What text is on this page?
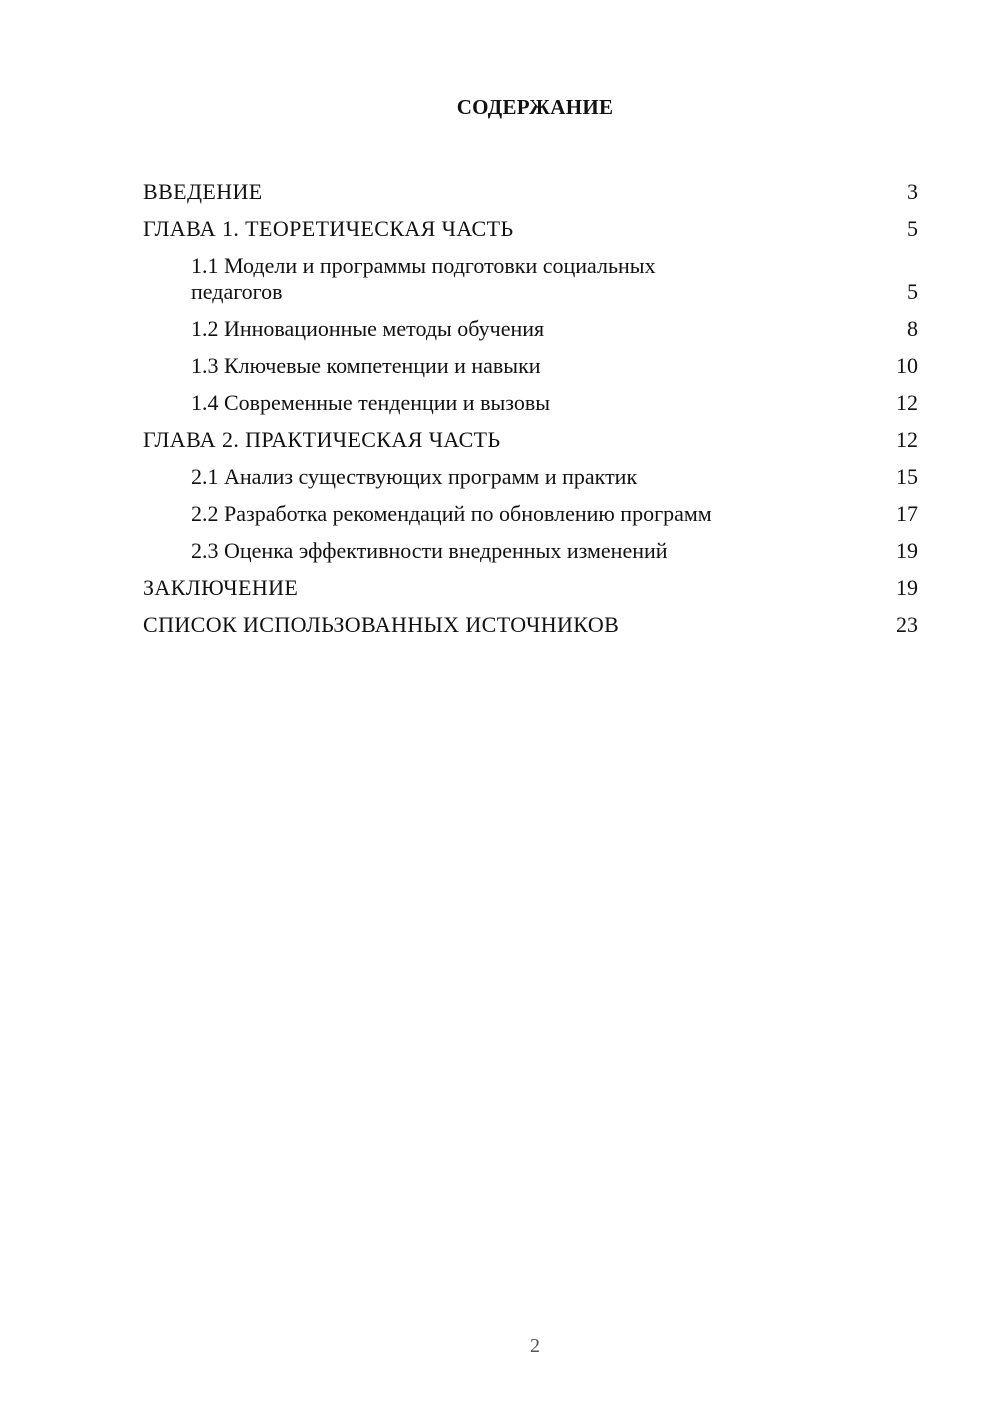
СОДЕРЖАНИЕ
ВВЕДЕНИЕ	3
ГЛАВА 1. ТЕОРЕТИЧЕСКАЯ ЧАСТЬ	5
1.1 Модели и программы подготовки социальных педагогов	5
1.2 Инновационные методы обучения	8
1.3 Ключевые компетенции и навыки	10
1.4 Современные тенденции и вызовы	12
ГЛАВА 2. ПРАКТИЧЕСКАЯ ЧАСТЬ	12
2.1 Анализ существующих программ и практик	15
2.2 Разработка рекомендаций по обновлению программ	17
2.3 Оценка эффективности внедренных изменений	19
ЗАКЛЮЧЕНИЕ	19
СПИСОК ИСПОЛЬЗОВАННЫХ ИСТОЧНИКОВ	23
2
